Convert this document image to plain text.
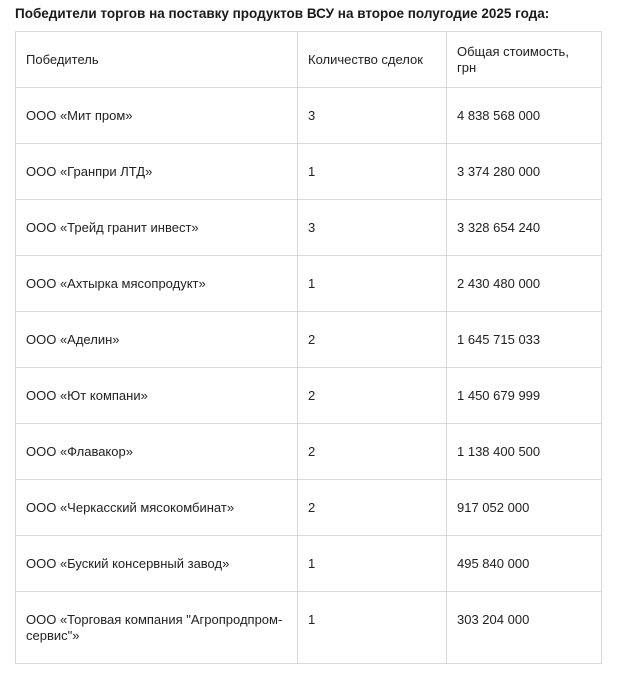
Победители торгов на поставку продуктов ВСУ на второе полугодие 2025 года:
Победитель	Количество сделок	Общая стоимость, грн
ООО «Мит пром»	3	4 838 568 000
ООО «Гранпри ЛТД»	1	3 374 280 000
ООО «Трейд гранит инвест»	3	3 328 654 240
ООО «Ахтырка мясопродукт»	1	2 430 480 000
ООО «Аделин»	2	1 645 715 033
ООО «Ют компани»	2	1 450 679 999
ООО «Флавакор»	2	1 138 400 500
ООО «Черкасский мясокомбинат»	2	917 052 000
ООО «Буский консервный завод»	1	495 840 000
ООО «Торговая компания "Агропродпром-сервис"»	1	303 204 000
